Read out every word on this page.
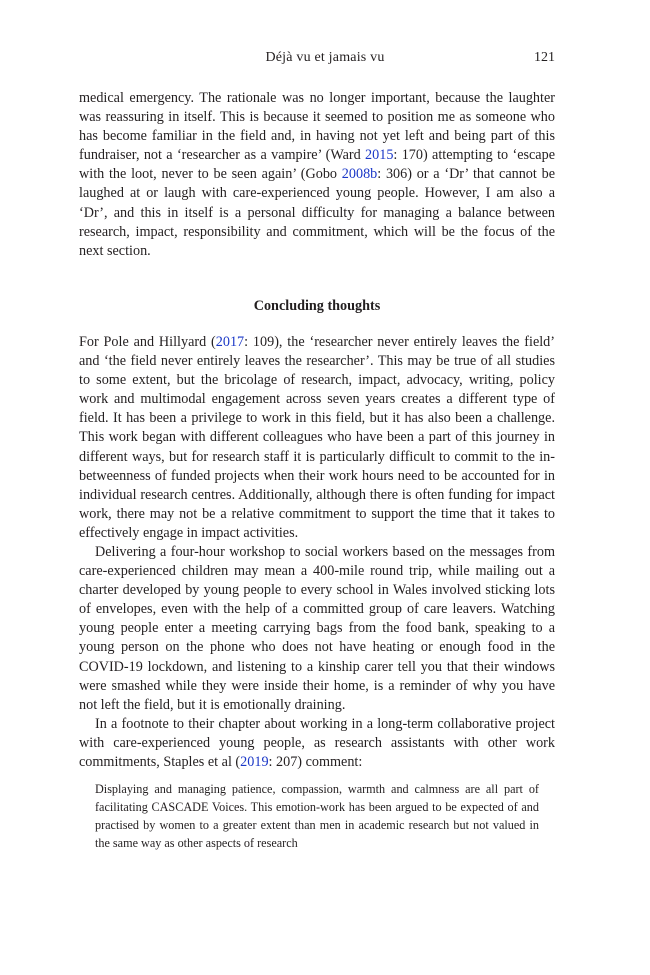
Déjà vu et jamais vu	121

medical emergency. The rationale was no longer important, because the laughter was reassuring in itself. This is because it seemed to position me as someone who has become familiar in the field and, in having not yet left and being part of this fundraiser, not a ‘researcher as a vampire’ (Ward 2015: 170) attempting to ‘escape with the loot, never to be seen again’ (Gobo 2008b: 306) or a ‘Dr’ that cannot be laughed at or laugh with care-experienced young people. However, I am also a ‘Dr’, and this in itself is a personal difficulty for managing a balance between research, impact, responsibility and commitment, which will be the focus of the next section.

Concluding thoughts

For Pole and Hillyard (2017: 109), the ‘researcher never entirely leaves the field’ and ‘the field never entirely leaves the researcher’. This may be true of all studies to some extent, but the bricolage of research, impact, advocacy, writing, policy work and multimodal engagement across seven years creates a different type of field. It has been a privilege to work in this field, but it has also been a challenge. This work began with different colleagues who have been a part of this journey in different ways, but for research staff it is particularly difficult to commit to the in-betweenness of funded projects when their work hours need to be accounted for in individual research centres. Additionally, although there is often funding for impact work, there may not be a relative commitment to support the time that it takes to effectively engage in impact activities.

Delivering a four-hour workshop to social workers based on the messages from care-experienced children may mean a 400-mile round trip, while mailing out a charter developed by young people to every school in Wales involved sticking lots of envelopes, even with the help of a committed group of care leavers. Watching young people enter a meeting carrying bags from the food bank, speaking to a young person on the phone who does not have heating or enough food in the COVID-19 lockdown, and listening to a kinship carer tell you that their windows were smashed while they were inside their home, is a reminder of why you have not left the field, but it is emotionally draining.

In a footnote to their chapter about working in a long-term collaborative project with care-experienced young people, as research assistants with other work commitments, Staples et al (2019: 207) comment:

Displaying and managing patience, compassion, warmth and calmness are all part of facilitating CASCADE Voices. This emotion-work has been argued to be expected of and practised by women to a greater extent than men in academic research but not valued in the same way as other aspects of research
